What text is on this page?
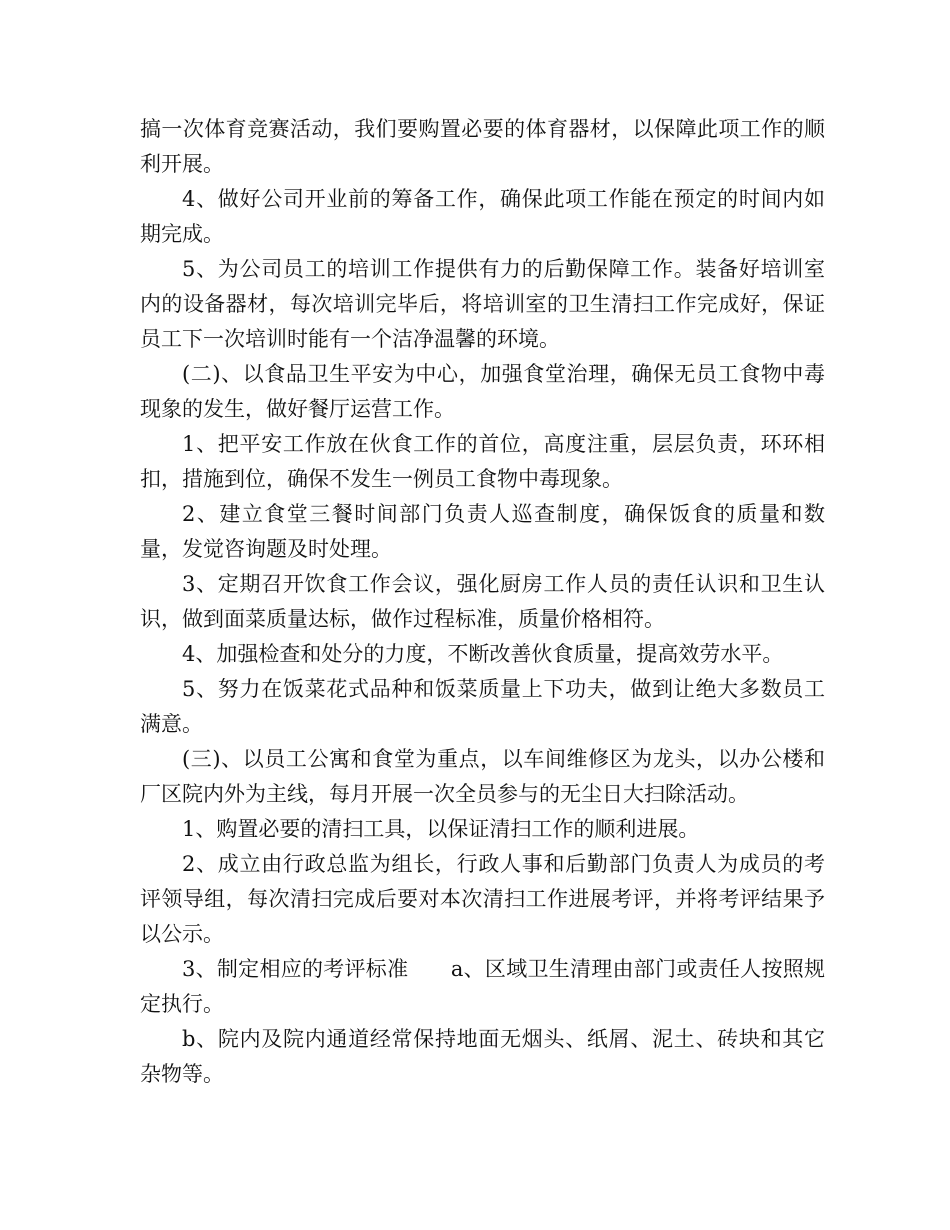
搞一次体育竞赛活动，我们要购置必要的体育器材，以保障此项工作的顺利开展。

4、做好公司开业前的筹备工作，确保此项工作能在预定的时间内如期完成。

5、为公司员工的培训工作提供有力的后勤保障工作。装备好培训室内的设备器材，每次培训完毕后，将培训室的卫生清扫工作完成好，保证员工下一次培训时能有一个洁净温馨的环境。

(二)、以食品卫生平安为中心，加强食堂治理，确保无员工食物中毒现象的发生，做好餐厅运营工作。

1、把平安工作放在伙食工作的首位，高度注重，层层负责，环环相扣，措施到位，确保不发生一例员工食物中毒现象。

2、建立食堂三餐时间部门负责人巡查制度，确保饭食的质量和数量，发觉咨询题及时处理。

3、定期召开饮食工作会议，强化厨房工作人员的责任认识和卫生认识，做到面菜质量达标，做作过程标准，质量价格相符。

4、加强检查和处分的力度，不断改善伙食质量，提高效劳水平。

5、努力在饭菜花式品种和饭菜质量上下功夫，做到让绝大多数员工满意。

(三)、以员工公寓和食堂为重点，以车间维修区为龙头，以办公楼和厂区院内外为主线，每月开展一次全员参与的无尘日大扫除活动。

1、购置必要的清扫工具，以保证清扫工作的顺利进展。

2、成立由行政总监为组长，行政人事和后勤部门负责人为成员的考评领导组，每次清扫完成后要对本次清扫工作进展考评，并将考评结果予以公示。

3、制定相应的考评标准　　a、区域卫生清理由部门或责任人按照规定执行。

b、院内及院内通道经常保持地面无烟头、纸屑、泥土、砖块和其它杂物等。
